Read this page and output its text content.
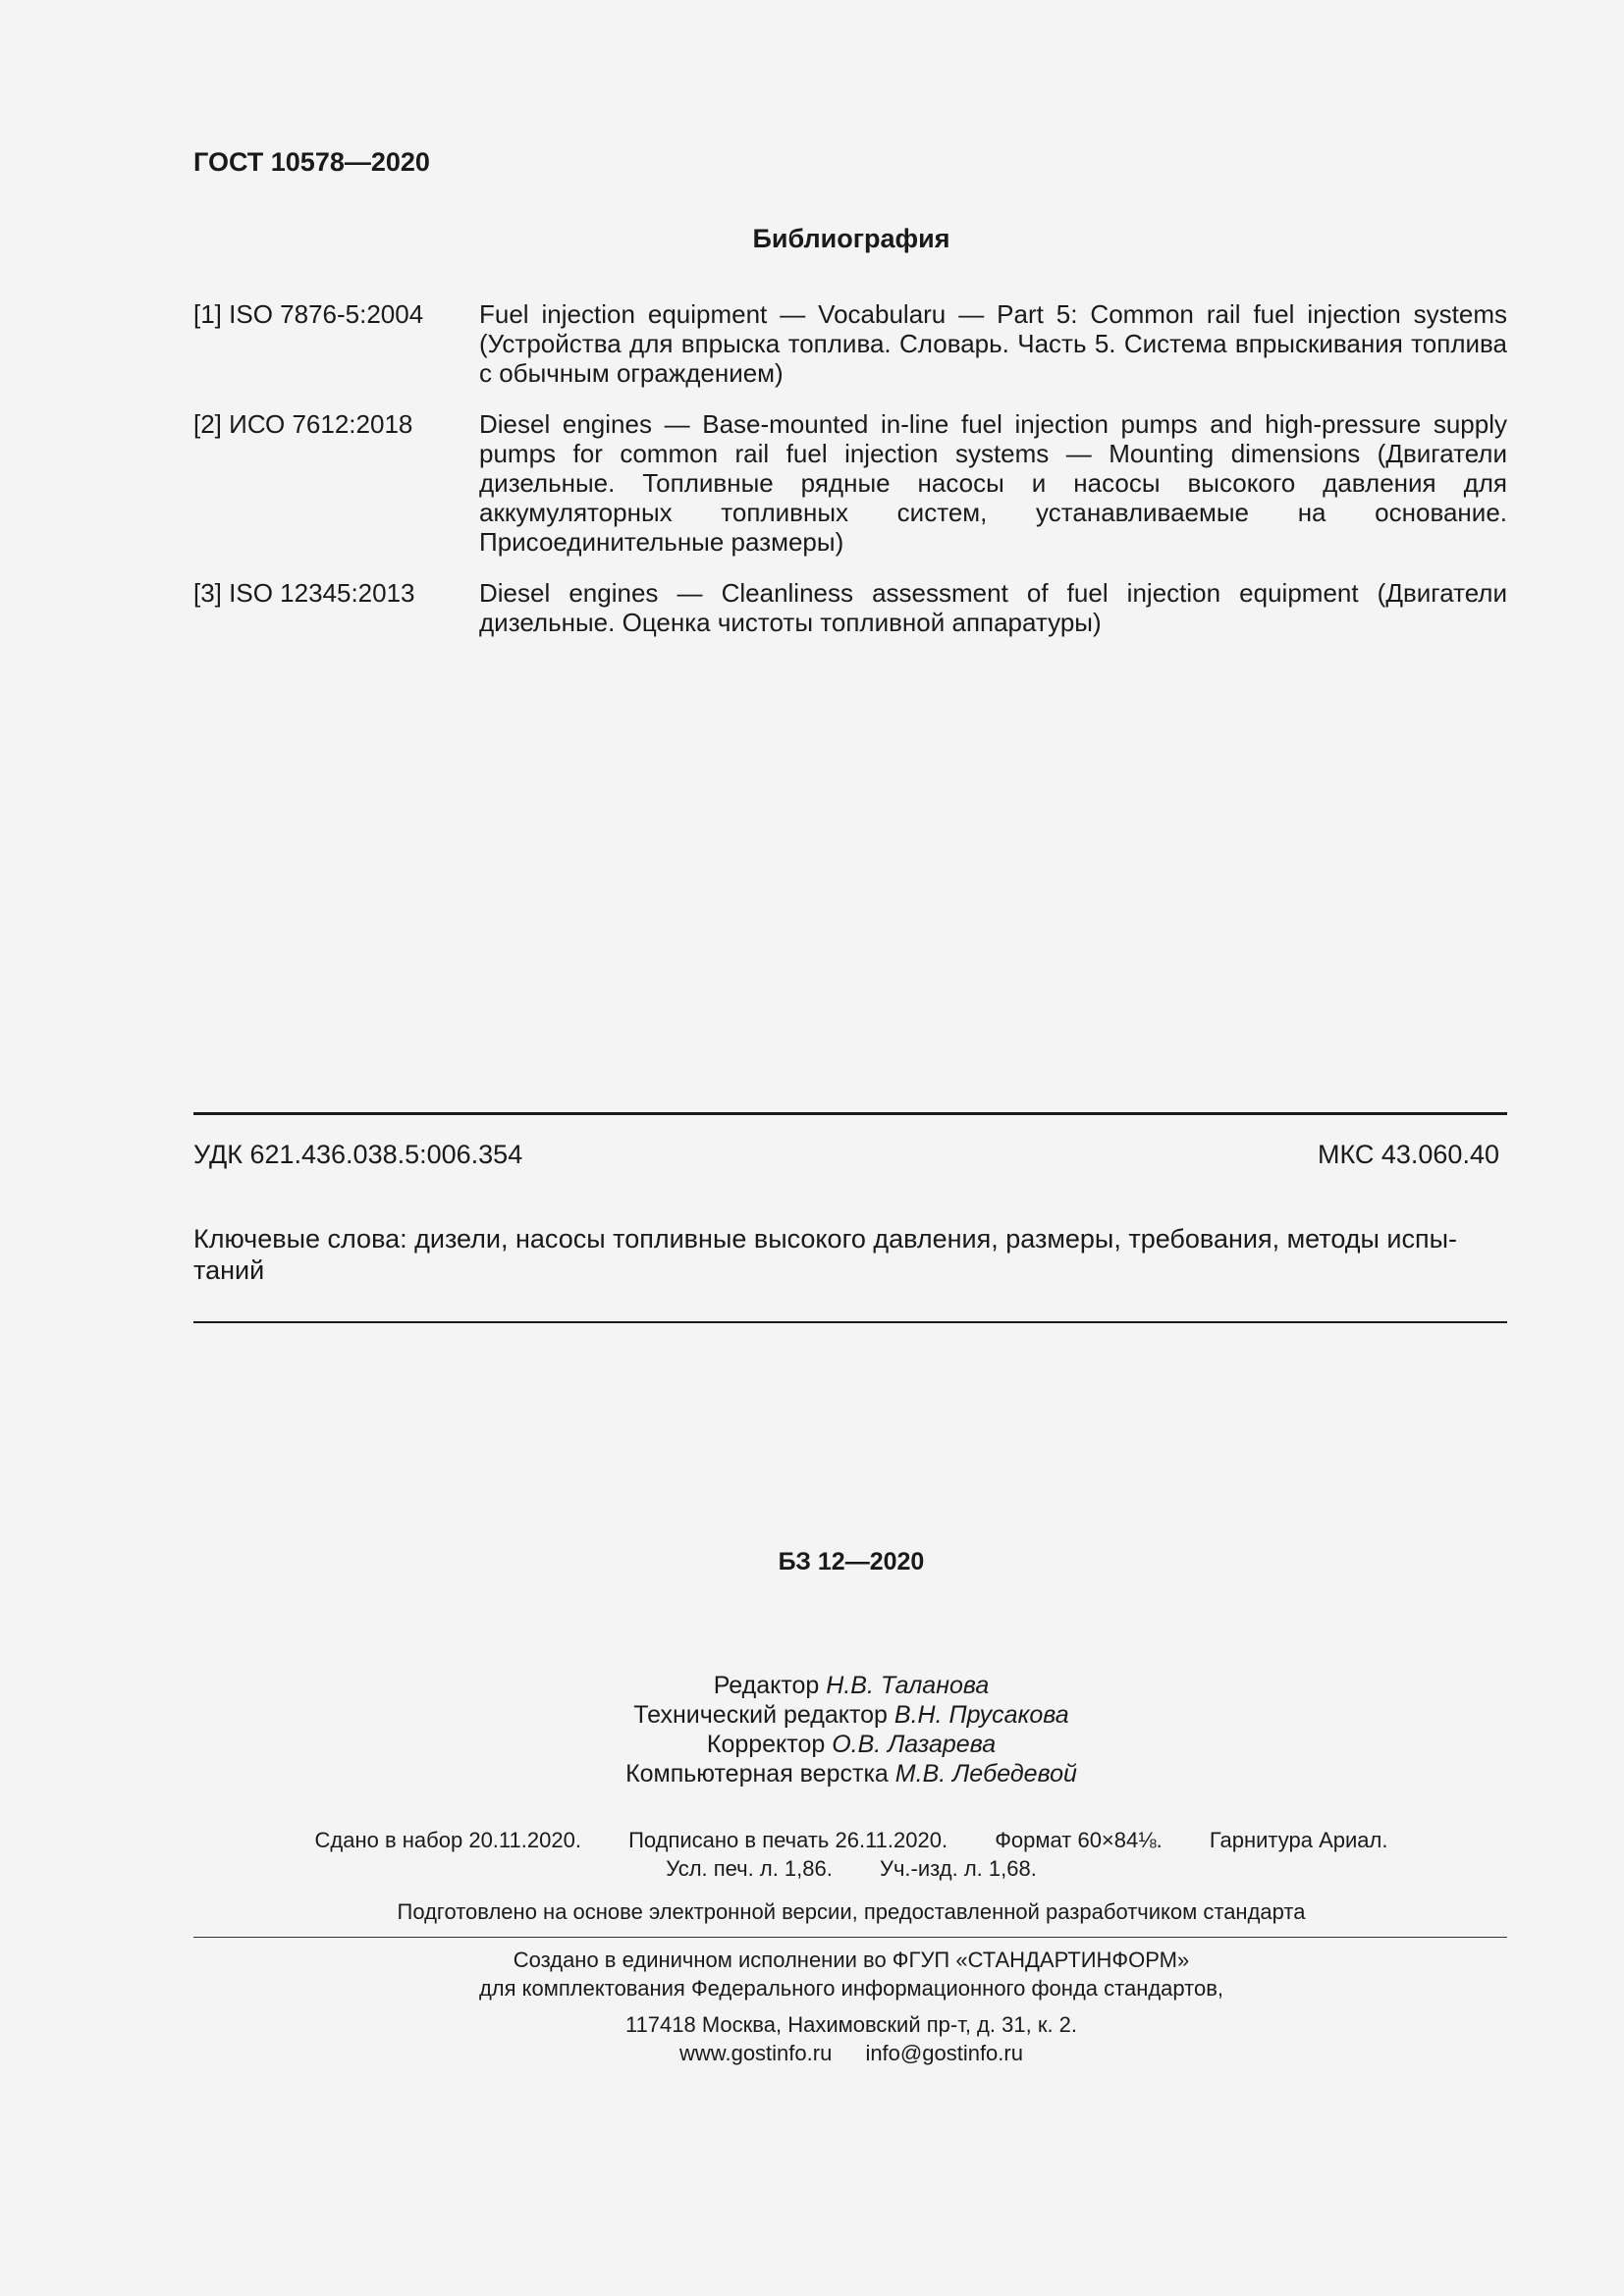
ГОСТ 10578—2020
Библиография
[1] ISO 7876-5:2004	Fuel injection equipment — Vocabularu — Part 5: Common rail fuel injection systems (Устройства для впрыска топлива. Словарь. Часть 5. Система впрыскивания топлива с обычным ограждением)
[2] ИСО 7612:2018	Diesel engines — Base-mounted in-line fuel injection pumps and high-pressure supply pumps for common rail fuel injection systems — Mounting dimensions (Двигатели дизельные. Топливные рядные насосы и насосы высокого давления для аккумуляторных топливных систем, устанавливаемые на основание. Присоединительные размеры)
[3] ISO 12345:2013	Diesel engines — Cleanliness assessment of fuel injection equipment (Двигатели дизельные. Оценка чистоты топливной аппаратуры)
УДК 621.436.038.5:006.354	МКС 43.060.40
Ключевые слова: дизели, насосы топливные высокого давления, размеры, требования, методы испытаний
БЗ 12—2020
Редактор Н.В. Таланова
Технический редактор В.Н. Прусакова
Корректор О.В. Лазарева
Компьютерная верстка М.В. Лебедевой
Сдано в набор 20.11.2020. Подписано в печать 26.11.2020. Формат 60×84⅛. Гарнитура Ариал.
Усл. печ. л. 1,86. Уч.-изд. л. 1,68.
Подготовлено на основе электронной версии, предоставленной разработчиком стандарта
Создано в единичном исполнении во ФГУП «СТАНДАРТИНФОРМ»
для комплектования Федерального информационного фонда стандартов,
117418 Москва, Нахимовский пр-т, д. 31, к. 2.
www.gostinfo.ru info@gostinfo.ru
